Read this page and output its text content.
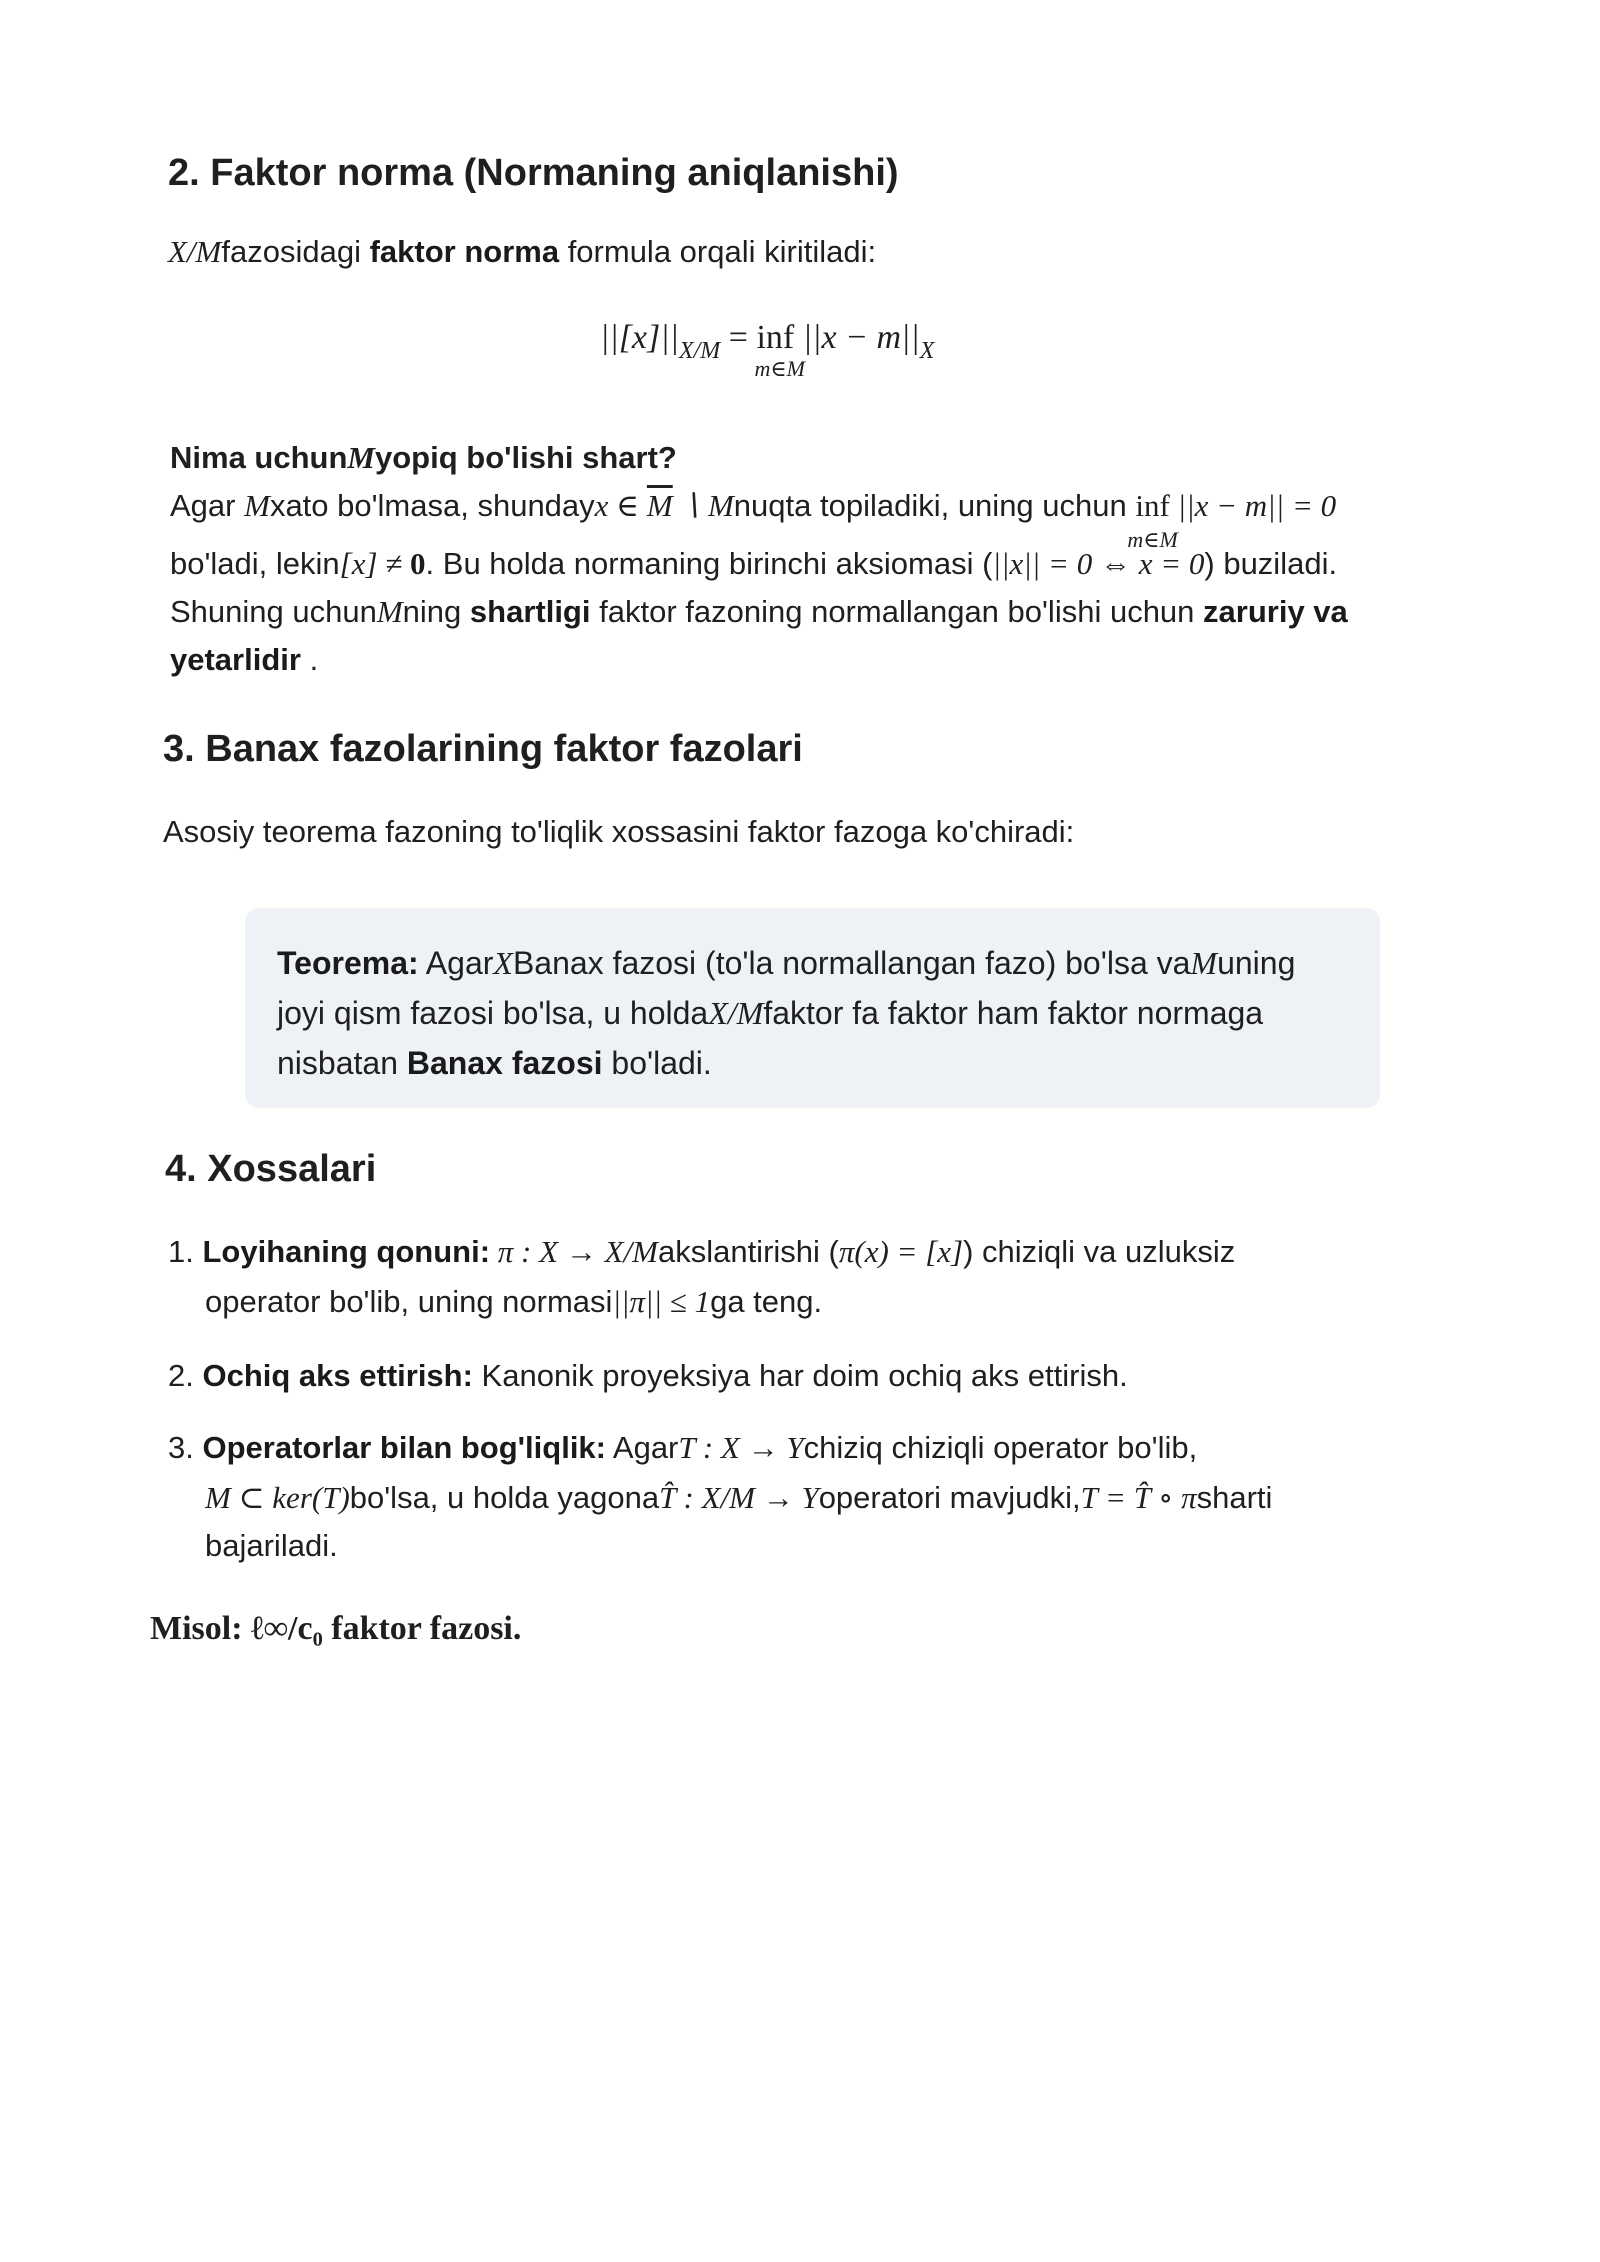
2. Faktor norma (Normaning aniqlanishi)
X/Mfazosidagi faktor norma formula orqali kiritiladi:
$||[x]||_{X/M}$ = inf
m∈M
$||x - m||_X$
Nima uchunMyopiq bo'lishi shart?
Agar Mxato bo'lmasa, shundayx ∈ $\overline{M}$ ∖ Mnuqta topiladiki, uning uchun inf
m∈M
||x − m|| = 0
bo'ladi, lekin[x] ≠ 0. Bu holda normaning birinchi aksiomasi (||x|| = 0 ⇔ x = 0) buziladi.
Shuning uchunMning shartligi faktor fazoning normallangan bo'lishi uchun zaruriy va
yetarlidir .
3. Banax fazolarining faktor fazolari
Asosiy teorema fazoning to'liqlik xossasini faktor fazoga ko'chiradi:
Teorema: AgarXBanax fazosi (to'la normallangan fazo) bo'lsa vaMuning
joyi qism fazosi bo'lsa, u holdaX/Mfaktor fa faktor ham faktor normaga
nisbatan Banax fazosi bo'ladi.
4. Xossalari
1. Loyihaning qonuni: π : X → X/Makslantirishi (π(x) = [x]) chiziqli va uzluksiz
operator bo'lib, uning normasi||π|| ≤ 1ga teng.
2. Ochiq aks ettirish: Kanonik proyeksiya har doim ochiq aks ettirish.
3. Operatorlar bilan bog'liqlik: AgarT : X → Ychiziq chiziqli operator bo'lib,
M ⊂ ker(T)bo'lsa, u holda yagonaT̂ : X/M → Yoperatori mavjudki,T = T̂ ∘ πsharti
bajariladi.
Misol: ℓ∞/c₀ faktor fazosi.
